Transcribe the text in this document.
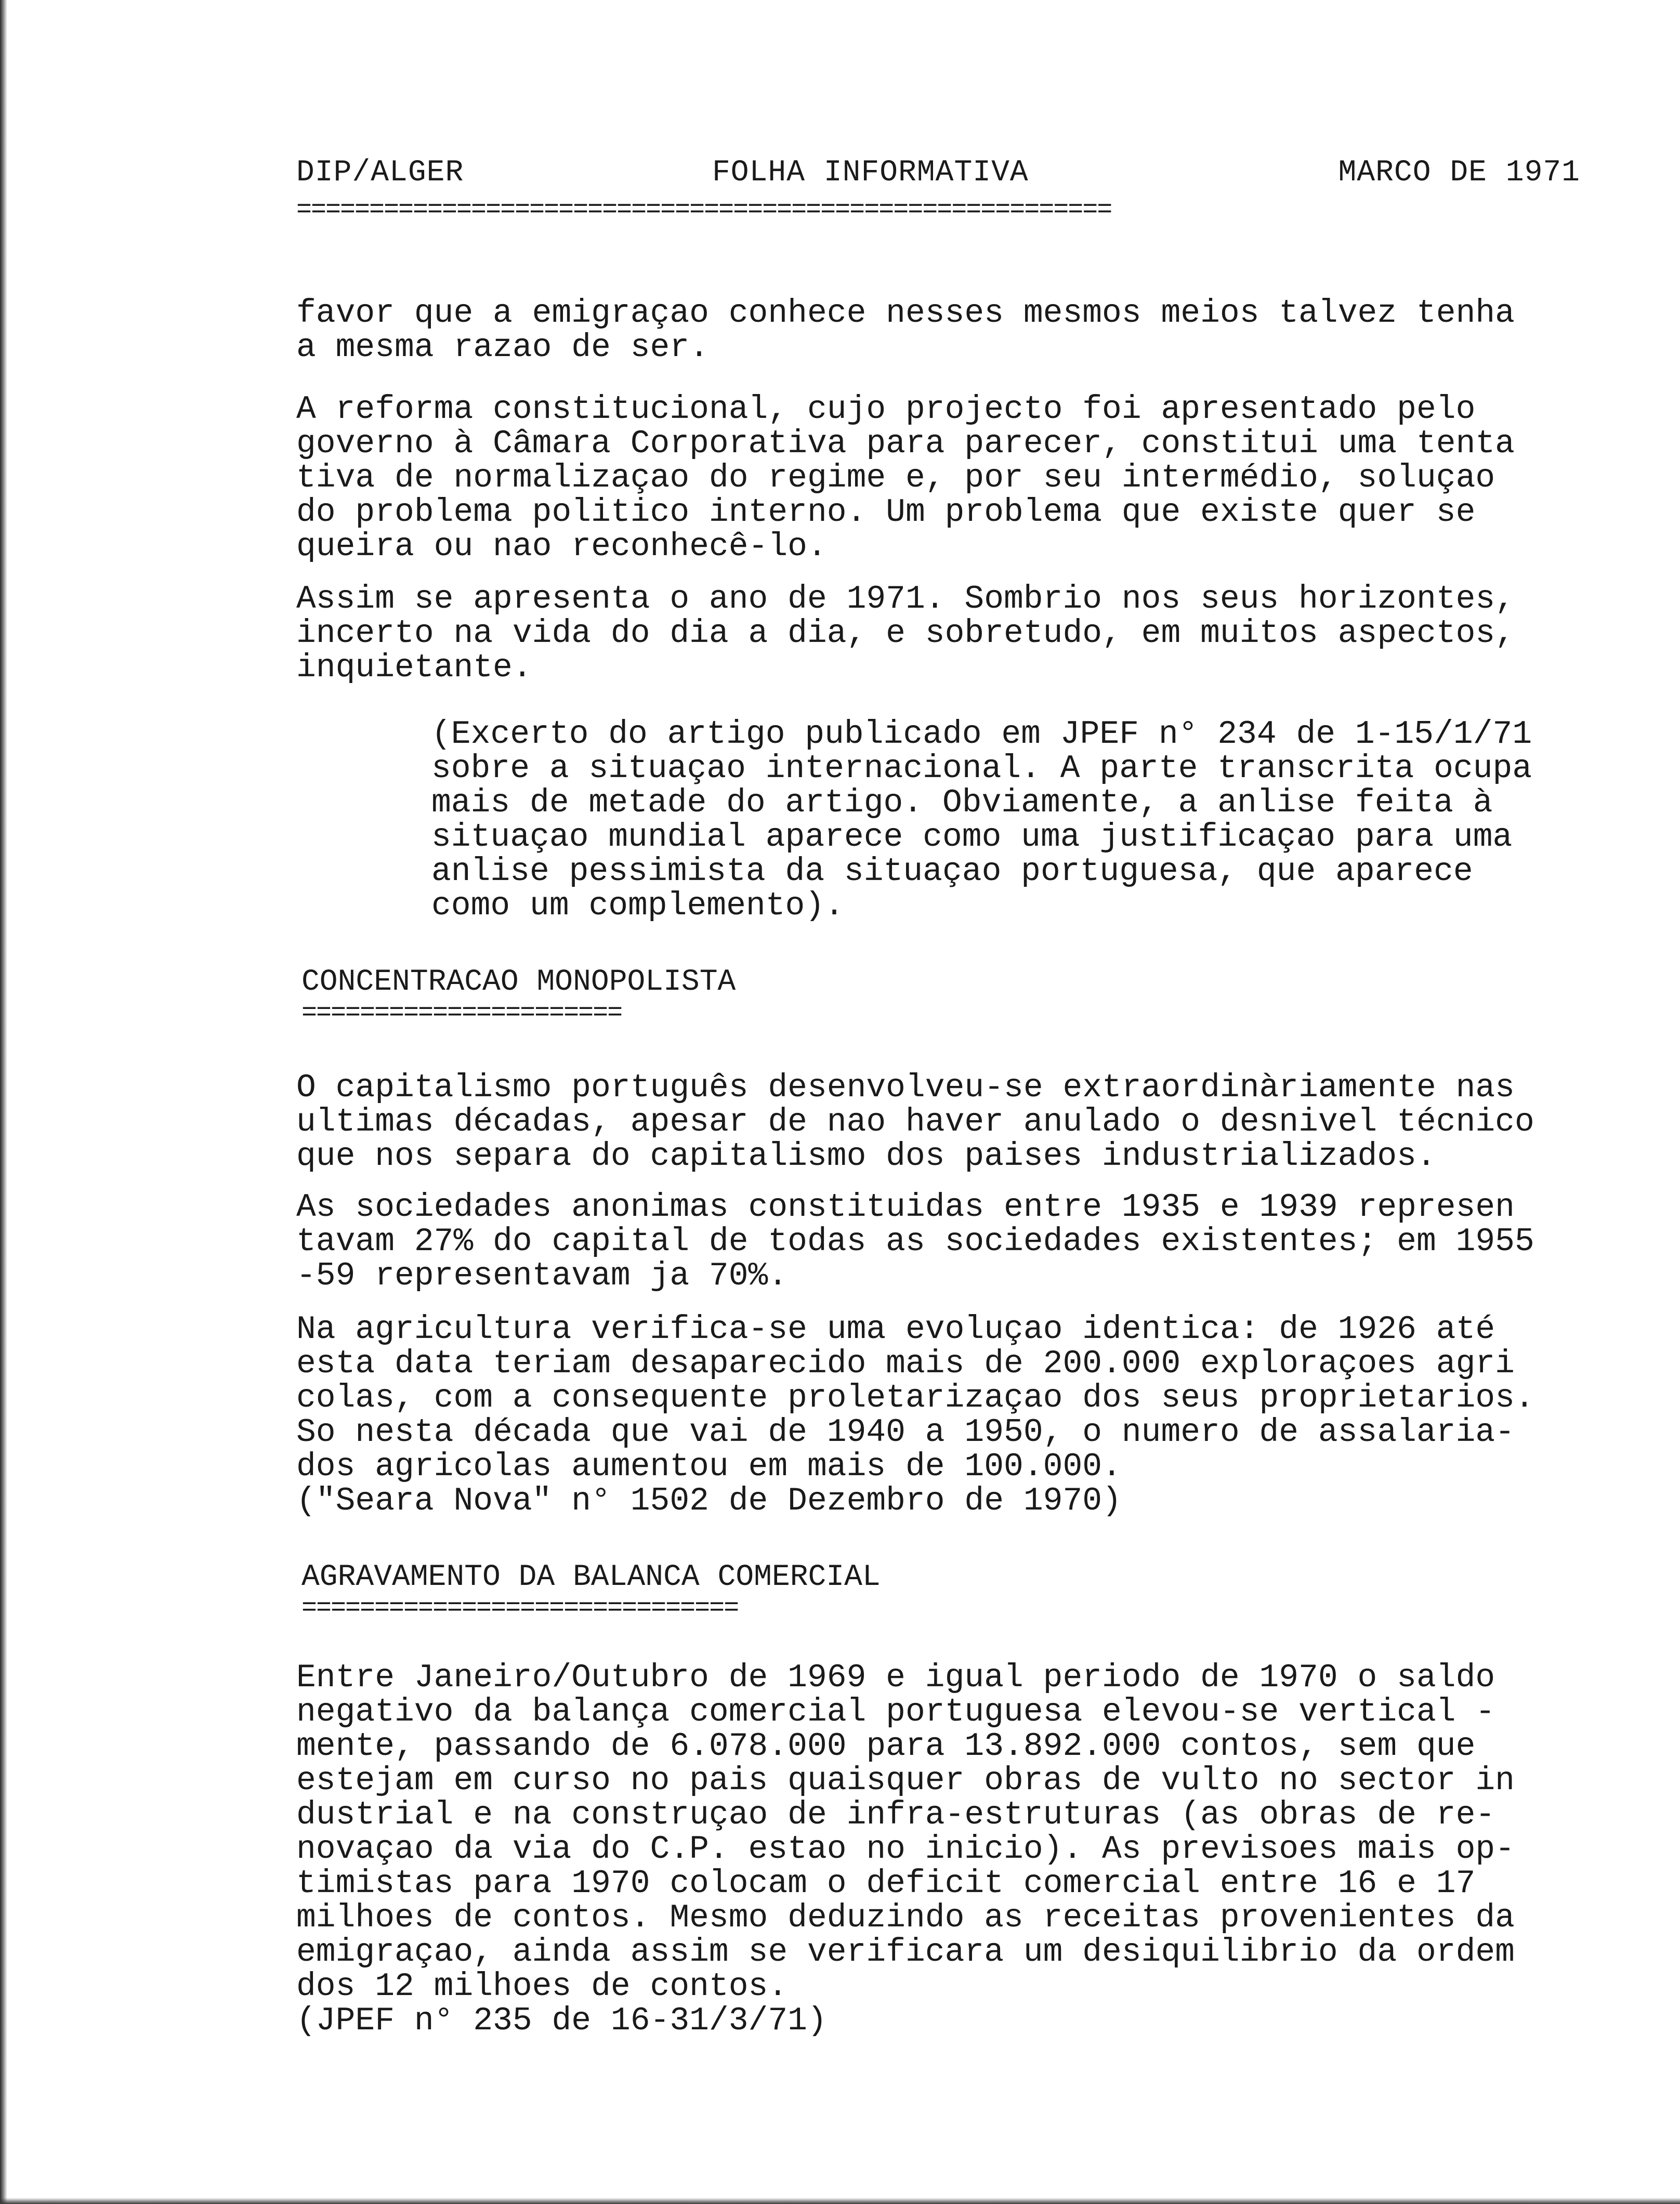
DIP/ALGER	FOLHA INFORMATIVA	MARCO DE 1971
========================================================
favor que a emigraçao conhece nesses mesmos meios talvez tenha
a mesma razao de ser.
A reforma constitucional, cujo projecto foi apresentado pelo
governo à Câmara Corporativa para parecer, constitui uma tenta
tiva de normalizaçao do regime e, por seu intermédio, soluçao
do problema politico interno. Um problema que existe quer se
queira ou nao reconhecê-lo.
Assim se apresenta o ano de 1971. Sombrio nos seus horizontes,
incerto na vida do dia a dia, e sobretudo, em muitos aspectos,
inquietante.
(Excerto do artigo publicado em JPEF n° 234 de 1-15/1/71
sobre a situaçao internacional. A parte transcrita ocupa
mais de metade do artigo. Obviamente, a anlise feita à
situaçao mundial aparece como uma justificaçao para uma
anlise pessimista da situaçao portuguesa, que aparece
como um complemento).
CONCENTRACAO MONOPOLISTA
======================
O capitalismo português desenvolveu-se extraordinàriamente nas
ultimas décadas, apesar de nao haver anulado o desnivel técnico
que nos separa do capitalismo dos paises industrializados.
As sociedades anonimas constituidas entre 1935 e 1939 represen
tavam 27% do capital de todas as sociedades existentes; em 1955
-59 representavam ja 70%.
Na agricultura verifica-se uma evoluçao identica: de 1926 até
esta data teriam desaparecido mais de 200.000 exploraçoes agri
colas, com a consequente proletarizaçao dos seus proprietarios.
So nesta década que vai de 1940 a 1950, o numero de assalaria-
dos agricolas aumentou em mais de 100.000.
("Seara Nova" n° 1502 de Dezembro de 1970)
AGRAVAMENTO DA BALANCA COMERCIAL
==============================
Entre Janeiro/Outubro de 1969 e igual periodo de 1970 o saldo
negativo da balança comercial portuguesa elevou-se vertical -
mente, passando de 6.078.000 para 13.892.000 contos, sem que
estejam em curso no pais quaisquer obras de vulto no sector in
dustrial e na construçao de infra-estruturas (as obras de re-
novaçao da via do C.P. estao no inicio). As previsoes mais op-
timistas para 1970 colocam o deficit comercial entre 16 e 17
milhoes de contos. Mesmo deduzindo as receitas provenientes da
emigraçao, ainda assim se verificara um desiquilibrio da ordem
dos 12 milhoes de contos.
(JPEF n° 235 de 16-31/3/71)
